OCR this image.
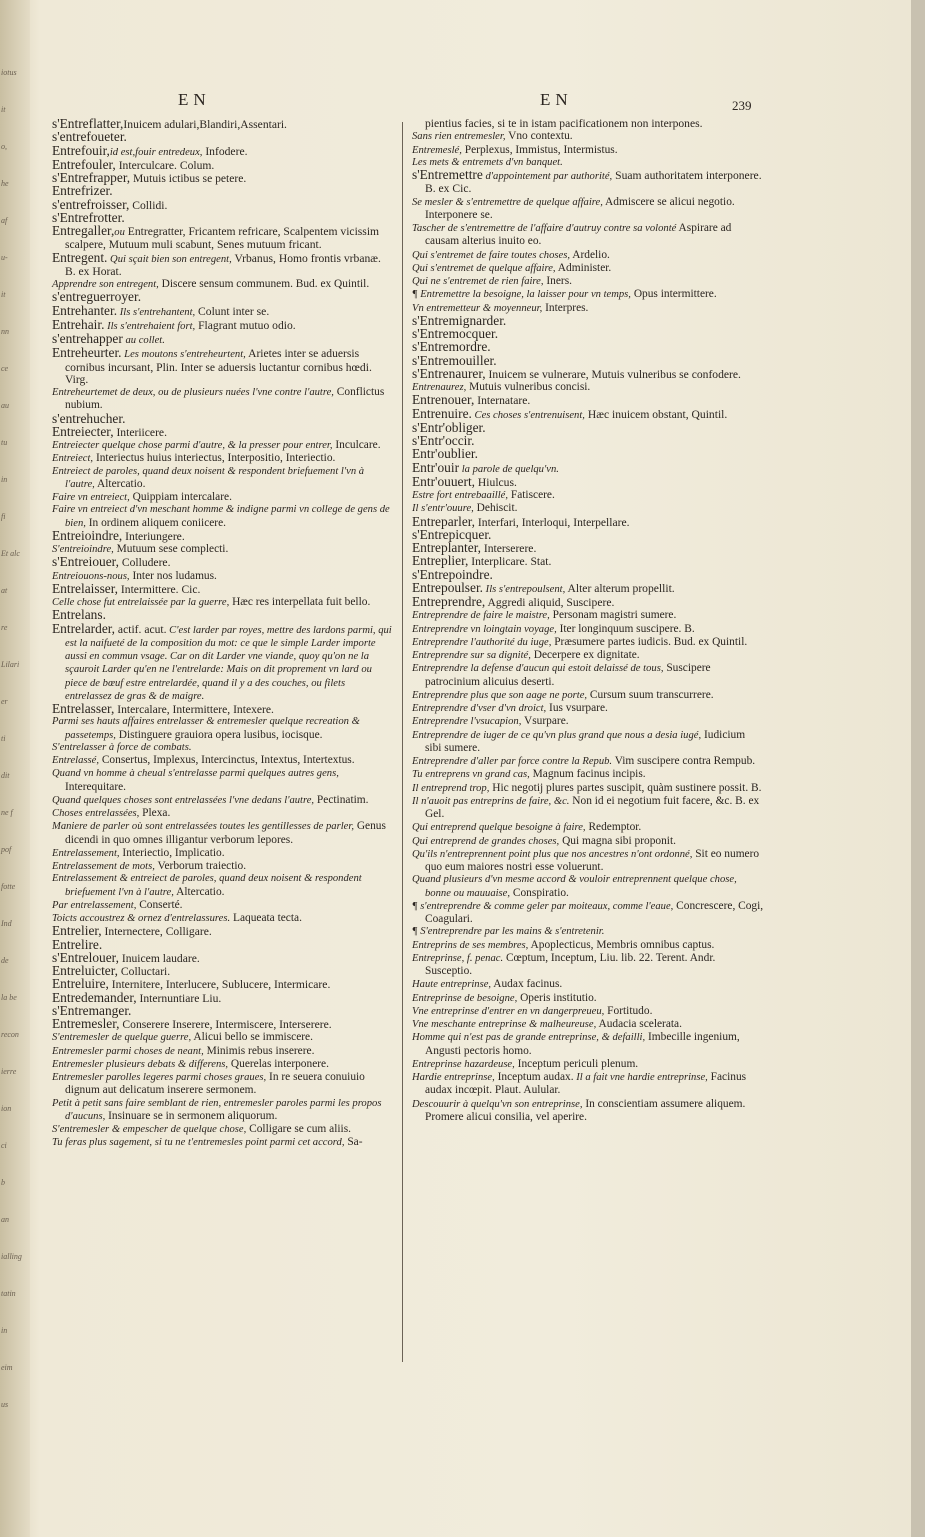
iotus
it
o,
he
af
u-
it
nn
ce
au
tu
in
fi
Et alc
at
re
Lilari
er
ti
dit
ne f
pof
fotte
Ind
de
la be
recon
ierre
ion
ci
b
an
ialling
tatin
in
eim
us
EN	EN	239
s'Entreflatter,Inuicem adulari,Blandiri,Assentari.
s'entrefoueter.
Entrefouir,id est,fouir entredeux, Infodere.
Entrefouler, Interculcare. Colum.
s'Entrefrapper, Mutuis ictibus se petere.
Entrefrizer.
s'entrefroisser, Collidi.
s'Entrefrotter.
Entregaller,ou Entregratter, Fricantem refricare, Scalpentem vicissim scalpere, Mutuum muli scabunt, Senes mutuum fricant.
Entregent. Qui sçait bien son entregent, Vrbanus, Homo frontis vrbanæ. B. ex Horat.
Apprendre son entregent, Discere sensum communem. Bud. ex Quintil.
s'entreguerroyer.
Entrehanter. Ils s'entrehantent, Colunt inter se.
Entrehair. Ils s'entrehaient fort, Flagrant mutuo odio.
s'entrehapper au collet.
Entreheurter. Les moutons s'entreheurtent, Arietes inter se aduersis cornibus incursant, Plin. Inter se aduersis luctantur cornibus hœdi. Virg.
Entreheurtemet de deux, ou de plusieurs nuées l'vne contre l'autre, Conflictus nubium.
s'entrehucher.
Entreiecter, Interiicere.
Entreiecter quelque chose parmi d'autre, & la presser pour entrer, Inculcare.
Entreiect, Interiectus huius interiectus, Interpositio, Interiectio.
Entreiect de paroles, quand deux noisent & respondent briefuement l'vn à l'autre, Altercatio.
Faire vn entreiect, Quippiam intercalare.
Faire vn entreiect d'vn meschant homme & indigne parmi vn college de gens de bien, In ordinem aliquem coniicere.
Entreioindre, Interiungere.
S'entreioindre, Mutuum sese complecti.
s'Entreiouer, Colludere.
Entreiouons-nous, Inter nos ludamus.
Entrelaisser, Intermittere. Cic.
Celle chose fut entrelaissée par la guerre, Hæc res interpellata fuit bello.
Entrelans.
Entrelarder, actif. acut. C'est larder par royes, mettre des lardons parmi, qui est la naifueté de la composition du mot: ce que le simple Larder importe aussi en commun vsage. Car on dit Larder vne viande, quoy qu'on ne la sçauroit Larder qu'en ne l'entrelarde: Mais on dit proprement vn lard ou piece de bœuf estre entrelardée, quand il y a des couches, ou filets entrelassez de gras & de maigre.
Entrelasser, Intercalare, Intermittere, Intexere.
Parmi ses hauts affaires entrelasser & entremesler quelque recreation & passetemps, Distinguere grauiora opera lusibus, iocisque.
S'entrelasser à force de combats.
Entrelassé, Consertus, Implexus, Intercinctus, Intextus, Intertextus.
Quand vn homme à cheual s'entrelasse parmi quelques autres gens, Interequitare.
Quand quelques choses sont entrelassées l'vne dedans l'autre, Pectinatim.
Choses entrelassées, Plexa.
Maniere de parler où sont entrelassées toutes les gentillesses de parler, Genus dicendi in quo omnes illigantur verborum lepores.
Entrelassement, Interiectio, Implicatio.
Entrelassement de mots, Verborum traiectio.
Entrelassement & entreiect de paroles, quand deux noisent & respondent briefuement l'vn à l'autre, Altercatio.
Par entrelassement, Conserté.
Toicts accoustrez & ornez d'entrelassures. Laqueata tecta.
Entrelier, Internectere, Colligare.
Entrelire.
s'Entrelouer, Inuicem laudare.
Entreluicter, Colluctari.
Entreluire, Internitere, Interlucere, Sublucere, Intermicare.
Entredemander, Internuntiare Liu.
s'Entremanger.
Entremesler, Conserere Inserere, Intermiscere, Interserere.
S'entremesler de quelque guerre, Alicui bello se immiscere.
Entremesler parmi choses de neant, Minimis rebus inserere.
Entremesler plusieurs debats & differens, Querelas interponere.
Entremesler parolles legeres parmi choses graues, In re seuera conuiuio dignum aut delicatum inserere sermonem.
Petit à petit sans faire semblant de rien, entremesler paroles parmi les propos d'aucuns, Insinuare se in sermonem aliquorum.
S'entremesler & empescher de quelque chose, Colligare se cum aliis.
Tu feras plus sagement, si tu ne t'entremesles point parmi cet accord, Sa-
pientius facies, si te in istam pacificationem non interpones.
Sans rien entremesler, Vno contextu.
Entremeslé, Perplexus, Immistus, Intermistus.
Les mets & entremets d'vn banquet.
s'Entremettre d'appointement par authorité, Suam authoritatem interponere. B. ex Cic.
Se mesler & s'entremettre de quelque affaire, Admiscere se alicui negotio. Interponere se.
Tascher de s'entremettre de l'affaire d'autruy contre sa volonté Aspirare ad causam alterius inuito eo.
Qui s'entremet de faire toutes choses, Ardelio.
Qui s'entremet de quelque affaire, Administer.
Qui ne s'entremet de rien faire, Iners.
¶ Entremettre la besoigne, la laisser pour vn temps, Opus intermittere.
Vn entremetteur & moyenneur, Interpres.
s'Entremignarder.
s'Entremocquer.
s'Entremordre.
s'Entremouiller.
s'Entrenaurer, Inuicem se vulnerare, Mutuis vulneribus se confodere.
Entrenaurez, Mutuis vulneribus concisi.
Entrenouer, Internatare.
Entrenuire. Ces choses s'entrenuisent, Hæc inuicem obstant, Quintil.
s'Entr'obliger.
s'Entr'occir.
Entr'oublier.
Entr'ouir la parole de quelqu'vn.
Entr'ouuert, Hiulcus.
Estre fort entrebaaillé, Fatiscere.
Il s'entr'ouure, Dehiscit.
Entreparler, Interfari, Interloqui, Interpellare.
s'Entrepicquer.
Entreplanter, Interserere.
Entreplier, Interplicare. Stat.
s'Entrepoindre.
Entrepoulser. Ils s'entrepoulsent, Alter alterum propellit.
Entreprendre, Aggredi aliquid, Suscipere.
Entreprendre de faire le maistre, Personam magistri sumere.
Entreprendre vn loingtain voyage, Iter longinquum suscipere. B.
Entreprendre l'authorité du iuge, Præsumere partes iudicis. Bud. ex Quintil.
Entreprendre sur sa dignité, Decerpere ex dignitate.
Entreprendre la defense d'aucun qui estoit delaissé de tous, Suscipere patrocinium alicuius deserti.
Entreprendre plus que son aage ne porte, Cursum suum transcurrere.
Entreprendre d'vser d'vn droict, Ius vsurpare.
Entreprendre l'vsucapion, Vsurpare.
Entreprendre de iuger de ce qu'vn plus grand que nous a desia iugé, Iudicium sibi sumere.
Entreprendre d'aller par force contre la Repub. Vim suscipere contra Rempub.
Tu entreprens vn grand cas, Magnum facinus incipis.
Il entreprend trop, Hic negotij plures partes suscipit, quàm sustinere possit. B.
Il n'auoit pas entreprins de faire, &c. Non id ei negotium fuit facere, &c. B. ex Gel.
Qui entreprend quelque besoigne à faire, Redemptor.
Qui entreprend de grandes choses, Qui magna sibi proponit.
Qu'ils n'entreprennent point plus que nos ancestres n'ont ordonné, Sit eo numero quo eum maiores nostri esse voluerunt.
Quand plusieurs d'vn mesme accord & vouloir entreprennent quelque chose, bonne ou mauuaise, Conspiratio.
¶ s'entreprendre & comme geler par moiteaux, comme l'eaue, Concrescere, Cogi, Coagulari.
¶ S'entreprendre par les mains & s'entretenir.
Entreprins de ses membres, Apoplecticus, Membris omnibus captus.
Entreprinse, f. penac. Cœptum, Inceptum, Liu. lib. 22. Terent. Andr. Susceptio.
Haute entreprinse, Audax facinus.
Entreprinse de besoigne, Operis institutio.
Vne entreprinse d'entrer en vn dangerpreueu, Fortitudo.
Vne meschante entreprinse & malheureuse, Audacia scelerata.
Homme qui n'est pas de grande entreprinse, & defailli, Imbecille ingenium, Angusti pectoris homo.
Entreprinse hazardeuse, Inceptum periculi plenum.
Hardie entreprinse, Inceptum audax. Il a fait vne hardie entreprinse, Facinus audax incœpit. Plaut. Aulular.
Descouurir à quelqu'vn son entreprinse, In conscientiam assumere aliquem. Promere alicui consilia, vel aperire.
